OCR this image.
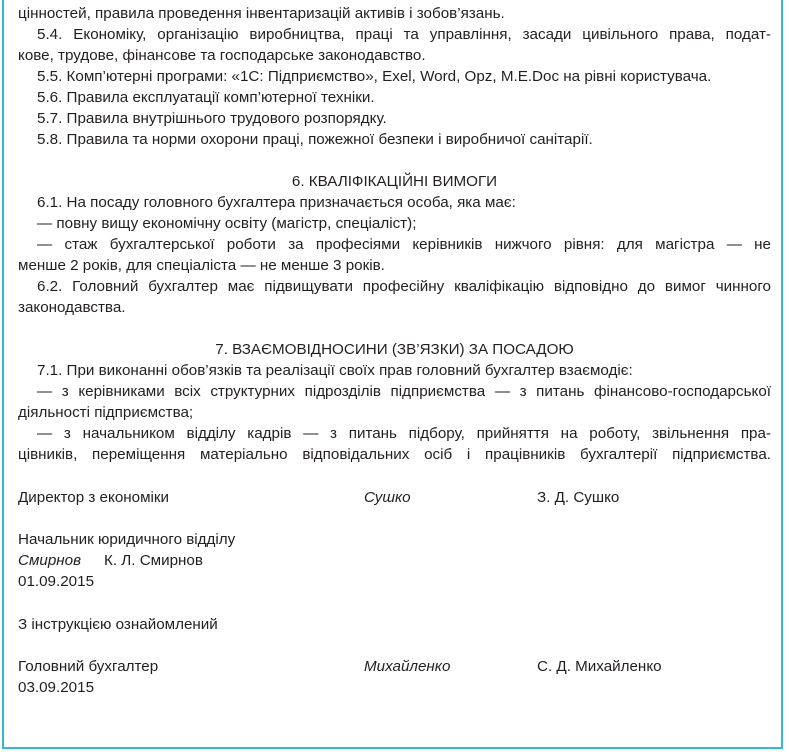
цінностей, правила проведення інвентаризацій активів і зобов’язань.
5.4. Економіку, організацію виробництва, праці та управління, засади цивільного права, подат-
кове, трудове, фінансове та господарське законодавство.
5.5. Комп’ютерні програми: «1С: Підприємство», Exel, Word, Opz, M.E.Doc на рівні користувача.
5.6. Правила експлуатації комп’ютерної техніки.
5.7. Правила внутрішнього трудового розпорядку.
5.8. Правила та норми охорони праці, пожежної безпеки і виробничої санітарії.
6. КВАЛІФІКАЦІЙНІ ВИМОГИ
6.1. На посаду головного бухгалтера призначається особа, яка має:
— повну вищу економічну освіту (магістр, спеціаліст);
— стаж бухгалтерської роботи за професіями керівників нижчого рівня: для магістра — не
менше 2 років, для спеціаліста — не менше 3 років.
6.2. Головний бухгалтер має підвищувати професійну кваліфікацію відповідно до вимог чинного
законодавства.
7. ВЗАЄМОВІДНОСИНИ (ЗВ’ЯЗКИ) ЗА ПОСАДОЮ
7.1. При виконанні обов’язків та реалізації своїх прав головний бухгалтер взаємодіє:
— з керівниками всіх структурних підрозділів підприємства — з питань фінансово-господарської
діяльності підприємства;
— з начальником відділу кадрів — з питань підбору, прийняття на роботу, звільнення пра-
цівників, переміщення матеріально відповідальних осіб і працівників бухгалтерії підприємства.
Директор з економіки	Сушко	З. Д. Сушко
Начальник юридичного відділу
Смирнов К. Л. Смирнов
01.09.2015
З інструкцією ознайомлений
Головний бухгалтер	Михайленко	С. Д. Михайленко
03.09.2015
